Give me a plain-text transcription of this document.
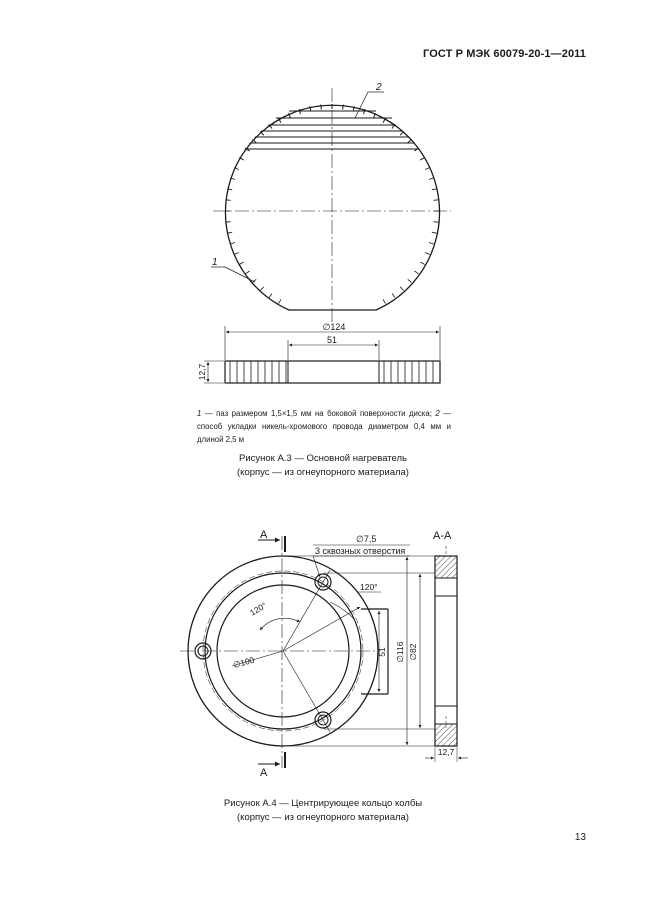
ГОСТ Р МЭК 60079-20-1—2011
2
1
∅124
51
12,7
A
A
А-А
∅7,5
3 сквозных отверстия
120°
120°
∅100
51 ∅116 ∅82
12,7
1 — паз размером 1,5×1,5 мм на боковой поверхности диска; 2 — способ укладки никель-хромового провода диаметром 0,4 мм и длиной 2,5 м
Рисунок А.3 — Основной нагреватель
(корпус — из огнеупорного материала)
Рисунок А.4 — Центрирующее кольцо колбы
(корпус — из огнеупорного материала)
13
